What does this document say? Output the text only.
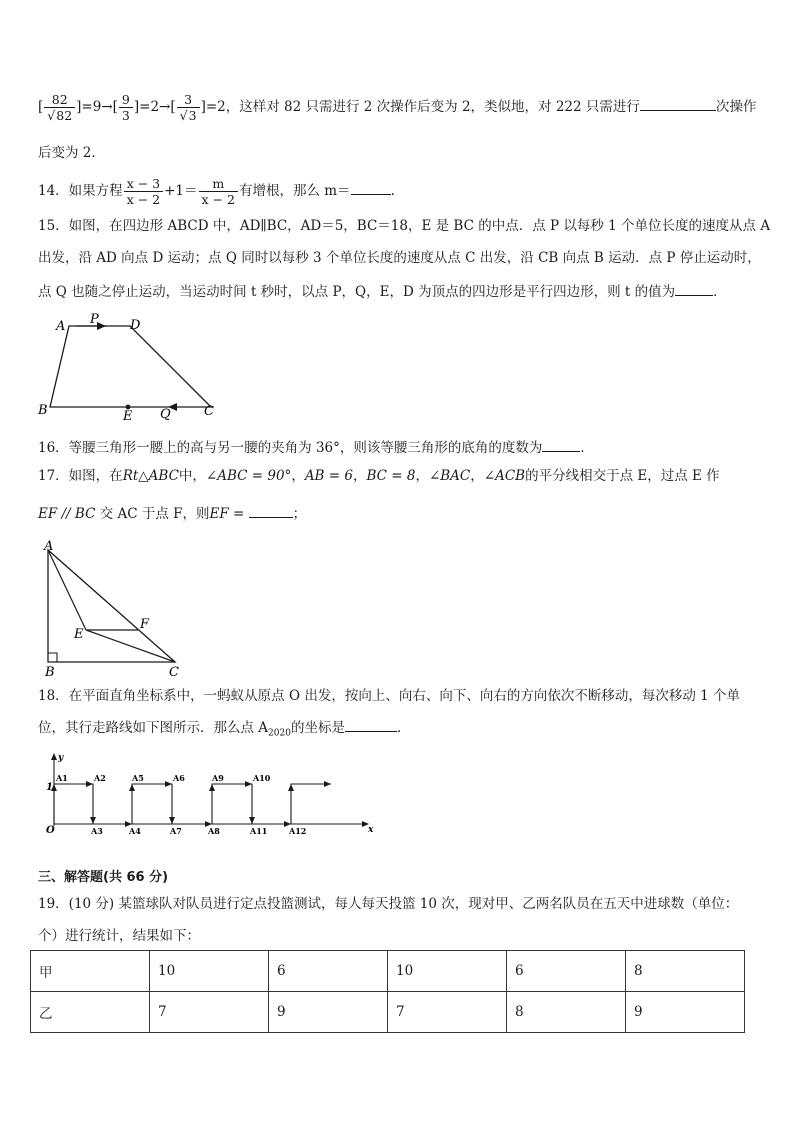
[ $\frac{82}{√82} ]=9\to[ \frac{9}{3} ]=2\to[ \frac{3}{√3} ]=2$，这样对 82 只需进行 2 次操作后变为 2，类似地，对 222 只需进行	次操作
后变为 2．
14．如果方程 $\frac{x - 3}{x - 2} +1= \frac{m}{x - 2}$ 有增根，那么 m＝	.
15．如图，在四边形 ABCD 中，AD∥BC，AD＝5，BC＝18，E 是 BC 的中点．点 P 以每秒 1 个单位长度的速度从点 A
出发，沿 AD 向点 D 运动；点 Q 同时以每秒 3 个单位长度的速度从点 C 出发，沿 CB 向点 B 运动．点 P 停止运动时，
点 Q 也随之停止运动，当运动时间 t 秒时，以点 P，Q，E，D 为顶点的四边形是平行四边形，则 t 的值为	．
A P D
B	E Q	C
16．等腰三角形一腰上的高与另一腰的夹角为 36°，则该等腰三角形的底角的度数为	．
17．如图，在Rt△ABC中，∠ABC = 90°，AB = 6，BC = 8，∠BAC，∠ACB的平分线相交于点 E，过点 E 作
EF // BC 交 AC 于点 F，则EF =	；
A
B	C
E
F
18．在平面直角坐标系中，一蚂蚁从原点 O 出发，按向上、向右、向下、向右的方向依次不断移动，每次移动 1 个单
位，其行走路线如下图所示．那么点 $A_{2020}$的坐标是	．
y
x
O
1
A1	A2	A5	A6	A9	A10
A3	A4	A7	A8	A11	A12
三、解答题(共 66 分)
19．(10 分) 某篮球队对队员进行定点投篮测试，每人每天投篮 10 次，现对甲、乙两名队员在五天中进球数（单位：
个）进行统计，结果如下：
甲	10	6	10	6	8
乙	7	9	7	8	9
